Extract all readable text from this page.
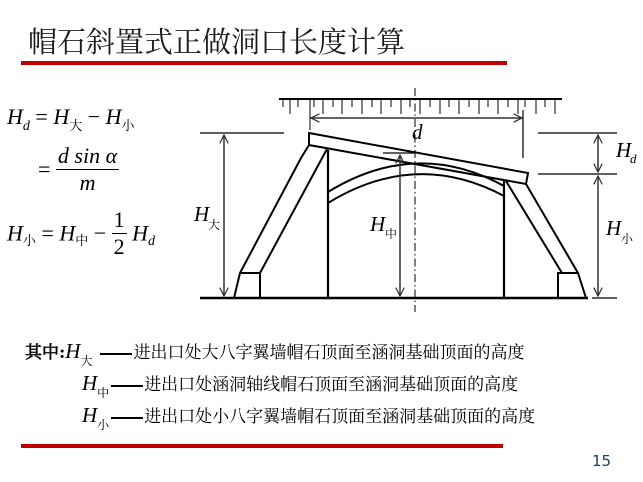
帽石斜置式正做洞口长度计算
$H_d = H_大 - H_小$
= $\frac{\text{d sin α}}{m}$
$H_小 = H_中 - \frac{1}{2} H_d$
d
H
大	H 中
H
d
H 小
其中$:H_大$ 进出口处大八字翼墙帽石顶面至涵洞基础顶面的高度
$H_中$ 进出口处涵洞轴线帽石顶面至涵洞基础顶面的高度
$H_小$ 进出口处小八字翼墙帽石顶面至涵洞基础顶面的高度
15
